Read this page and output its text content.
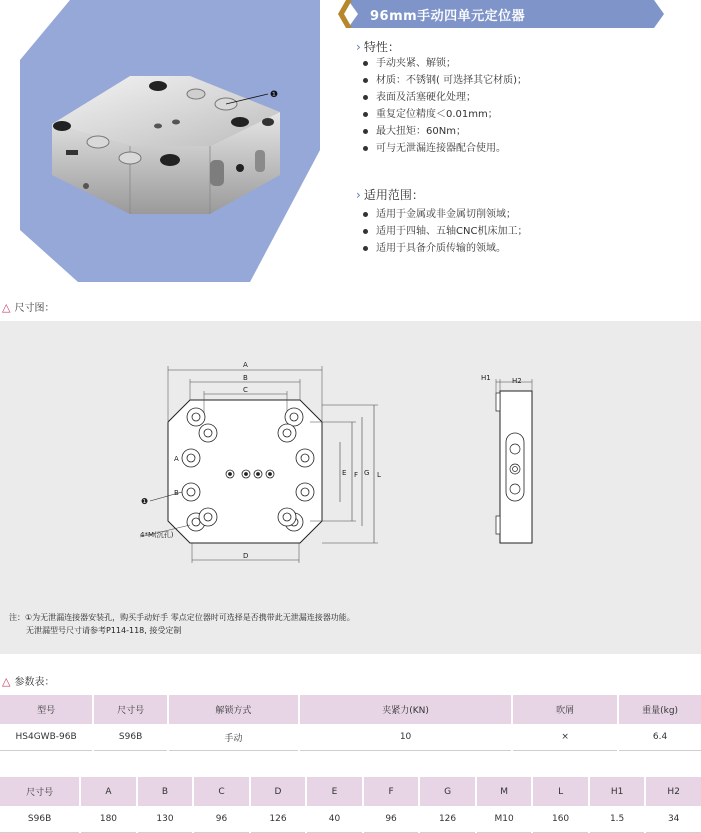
❶
96mm手动四单元定位器
› 特性：
手动夹紧、解锁；
材质：不锈钢( 可选择其它材质)；
表面及活塞硬化处理；
重复定位精度＜0.01mm；
最大扭矩：60Nm；
可与无泄漏连接器配合使用。
› 适用范围：
适用于金属或非金属切削领域；
适用于四轴、五轴CNC机床加工；
适用于具备介质传输的领域。
△ 尺寸图：
A
B
C
D
E F G L
A
B
❶
4*M(沉孔)
H1	H2
注：①为无泄漏连接器安装孔，购买手动好手 零点定位器时可选择是否携带此无泄漏连接器功能。
无泄漏型号尺寸请参考P114-118, 接受定制
△ 参数表：
型号	尺寸号	解锁方式	夹紧力(KN)	吹屑	重量(kg)
HS4GWB-96B	S96B	手动	10	×	6.4
尺寸号	A	B	C	D	E	F	G	M	L	H1	H2
S96B	180	130	96	126	40	96	126	M10	160	1.5	34
